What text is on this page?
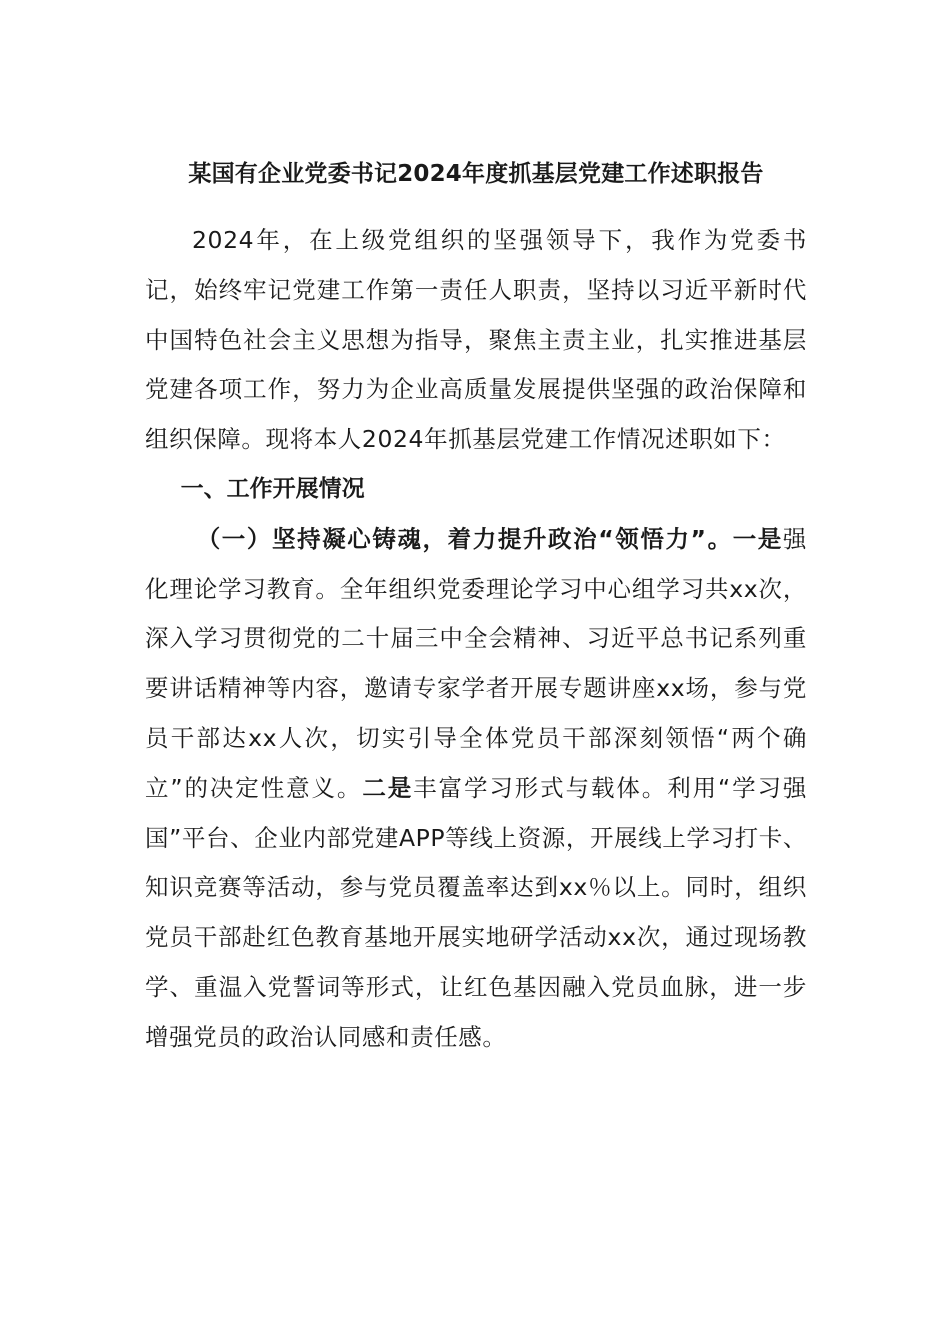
某国有企业党委书记2024年度抓基层党建工作述职报告

2024年，在上级党组织的坚强领导下，我作为党委书记，始终牢记党建工作第一责任人职责，坚持以习近平新时代中国特色社会主义思想为指导，聚焦主责主业，扎实推进基层党建各项工作，努力为企业高质量发展提供坚强的政治保障和组织保障。现将本人2024年抓基层党建工作情况述职如下：

一、工作开展情况

（一）坚持凝心铸魂，着力提升政治“领悟力”。一是强化理论学习教育。全年组织党委理论学习中心组学习共xx次，深入学习贯彻党的二十届三中全会精神、习近平总书记系列重要讲话精神等内容，邀请专家学者开展专题讲座xx场，参与党员干部达xx人次，切实引导全体党员干部深刻领悟“两个确立”的决定性意义。二是丰富学习形式与载体。利用“学习强国”平台、企业内部党建APP等线上资源，开展线上学习打卡、知识竞赛等活动，参与党员覆盖率达到xx％以上。同时，组织党员干部赴红色教育基地开展实地研学活动xx次，通过现场教学、重温入党誓词等形式，让红色基因融入党员血脉，进一步增强党员的政治认同感和责任感。
